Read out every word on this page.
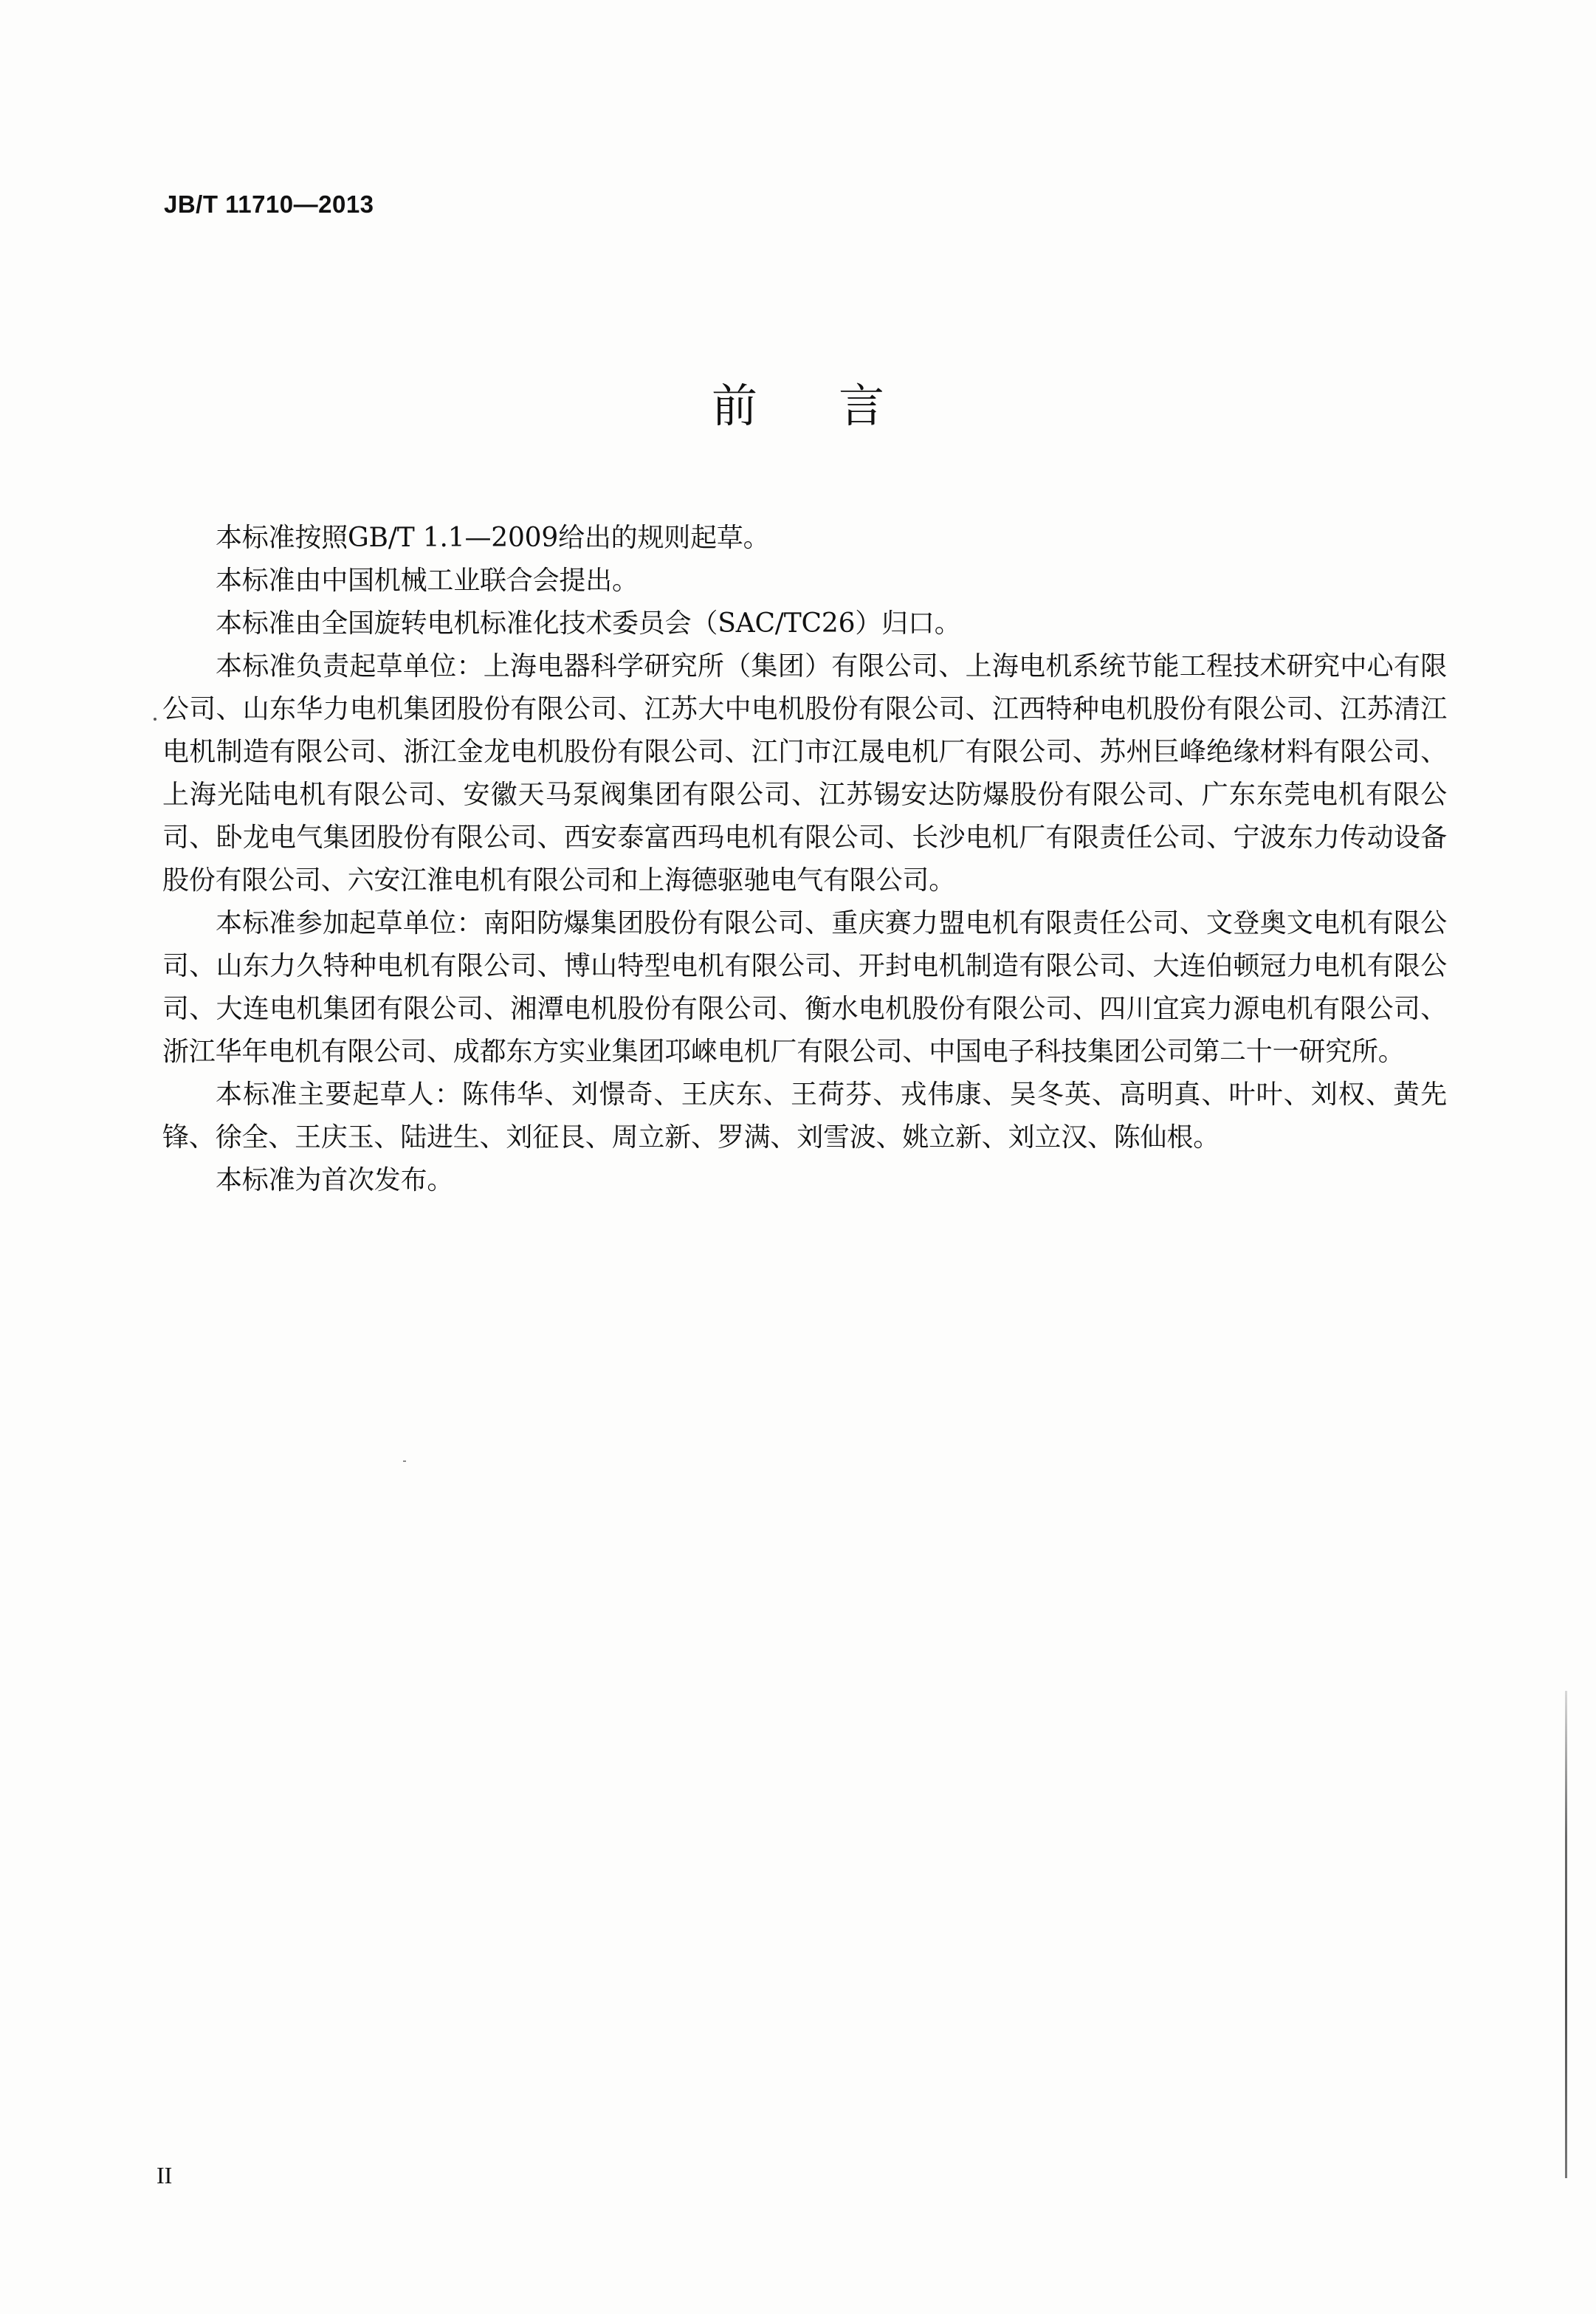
JB/T 11710—2013
前言

本标准按照GB/T 1.1—2009给出的规则起草。

本标准由中国机械工业联合会提出。

本标准由全国旋转电机标准化技术委员会（SAC/TC26）归口。

本标准负责起草单位：上海电器科学研究所（集团）有限公司、上海电机系统节能工程技术研究中心有限公司、山东华力电机集团股份有限公司、江苏大中电机股份有限公司、江西特种电机股份有限公司、江苏清江电机制造有限公司、浙江金龙电机股份有限公司、江门市江晟电机厂有限公司、苏州巨峰绝缘材料有限公司、上海光陆电机有限公司、安徽天马泵阀集团有限公司、江苏锡安达防爆股份有限公司、广东东莞电机有限公司、卧龙电气集团股份有限公司、西安泰富西玛电机有限公司、长沙电机厂有限责任公司、宁波东力传动设备股份有限公司、六安江淮电机有限公司和上海德驱驰电气有限公司。

本标准参加起草单位：南阳防爆集团股份有限公司、重庆赛力盟电机有限责任公司、文登奥文电机有限公司、山东力久特种电机有限公司、博山特型电机有限公司、开封电机制造有限公司、大连伯顿冠力电机有限公司、大连电机集团有限公司、湘潭电机股份有限公司、衡水电机股份有限公司、四川宜宾力源电机有限公司、浙江华年电机有限公司、成都东方实业集团邛崍电机厂有限公司、中国电子科技集团公司第二十一研究所。

本标准主要起草人：陈伟华、刘憬奇、王庆东、王荷芬、戎伟康、吴冬英、高明真、叶叶、刘权、黄先锋、徐全、王庆玉、陆进生、刘征艮、周立新、罗满、刘雪波、姚立新、刘立汉、陈仙根。

本标准为首次发布。

II
